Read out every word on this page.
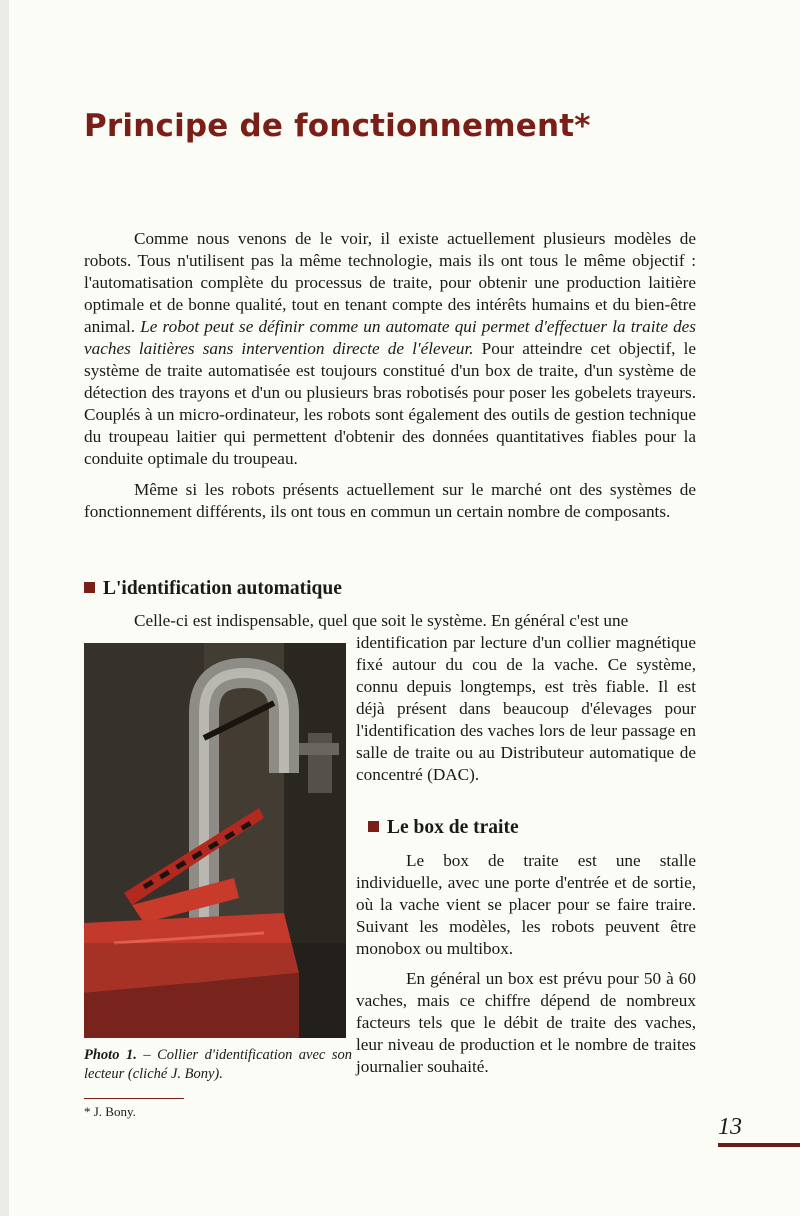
Principe de fonctionnement*

Comme nous venons de le voir, il existe actuellement plusieurs modèles de robots. Tous n'utilisent pas la même technologie, mais ils ont tous le même objectif : l'automatisation complète du processus de traite, pour obtenir une production laitière optimale et de bonne qualité, tout en tenant compte des intérêts humains et du bien-être animal. Le robot peut se définir comme un automate qui permet d'effectuer la traite des vaches laitières sans intervention directe de l'éleveur. Pour atteindre cet objectif, le système de traite automatisée est toujours constitué d'un box de traite, d'un système de détection des trayons et d'un ou plusieurs bras robotisés pour poser les gobelets trayeurs. Couplés à un micro-ordinateur, les robots sont également des outils de gestion technique du troupeau laitier qui permettent d'obtenir des données quantitatives fiables pour la conduite optimale du troupeau.

Même si les robots présents actuellement sur le marché ont des systèmes de fonctionnement différents, ils ont tous en commun un certain nombre de composants.

L'identification automatique

Celle-ci est indispensable, quel que soit le système. En général c'est une

identification par lecture d'un collier magnétique fixé autour du cou de la vache. Ce système, connu depuis longtemps, est très fiable. Il est déjà présent dans beaucoup d'élevages pour l'identification des vaches lors de leur passage en salle de traite ou au Distributeur automatique de concentré (DAC).

Photo 1. – Collier d'identification avec son lecteur (cliché J. Bony).

Le box de traite

Le box de traite est une stalle individuelle, avec une porte d'entrée et de sortie, où la vache vient se placer pour se faire traire. Suivant les modèles, les robots peuvent être monobox ou multibox.

En général un box est prévu pour 50 à 60 vaches, mais ce chiffre dépend de nombreux facteurs tels que le débit de traite des vaches, leur niveau de production et le nombre de traites journalier souhaité.

* J. Bony.

13
